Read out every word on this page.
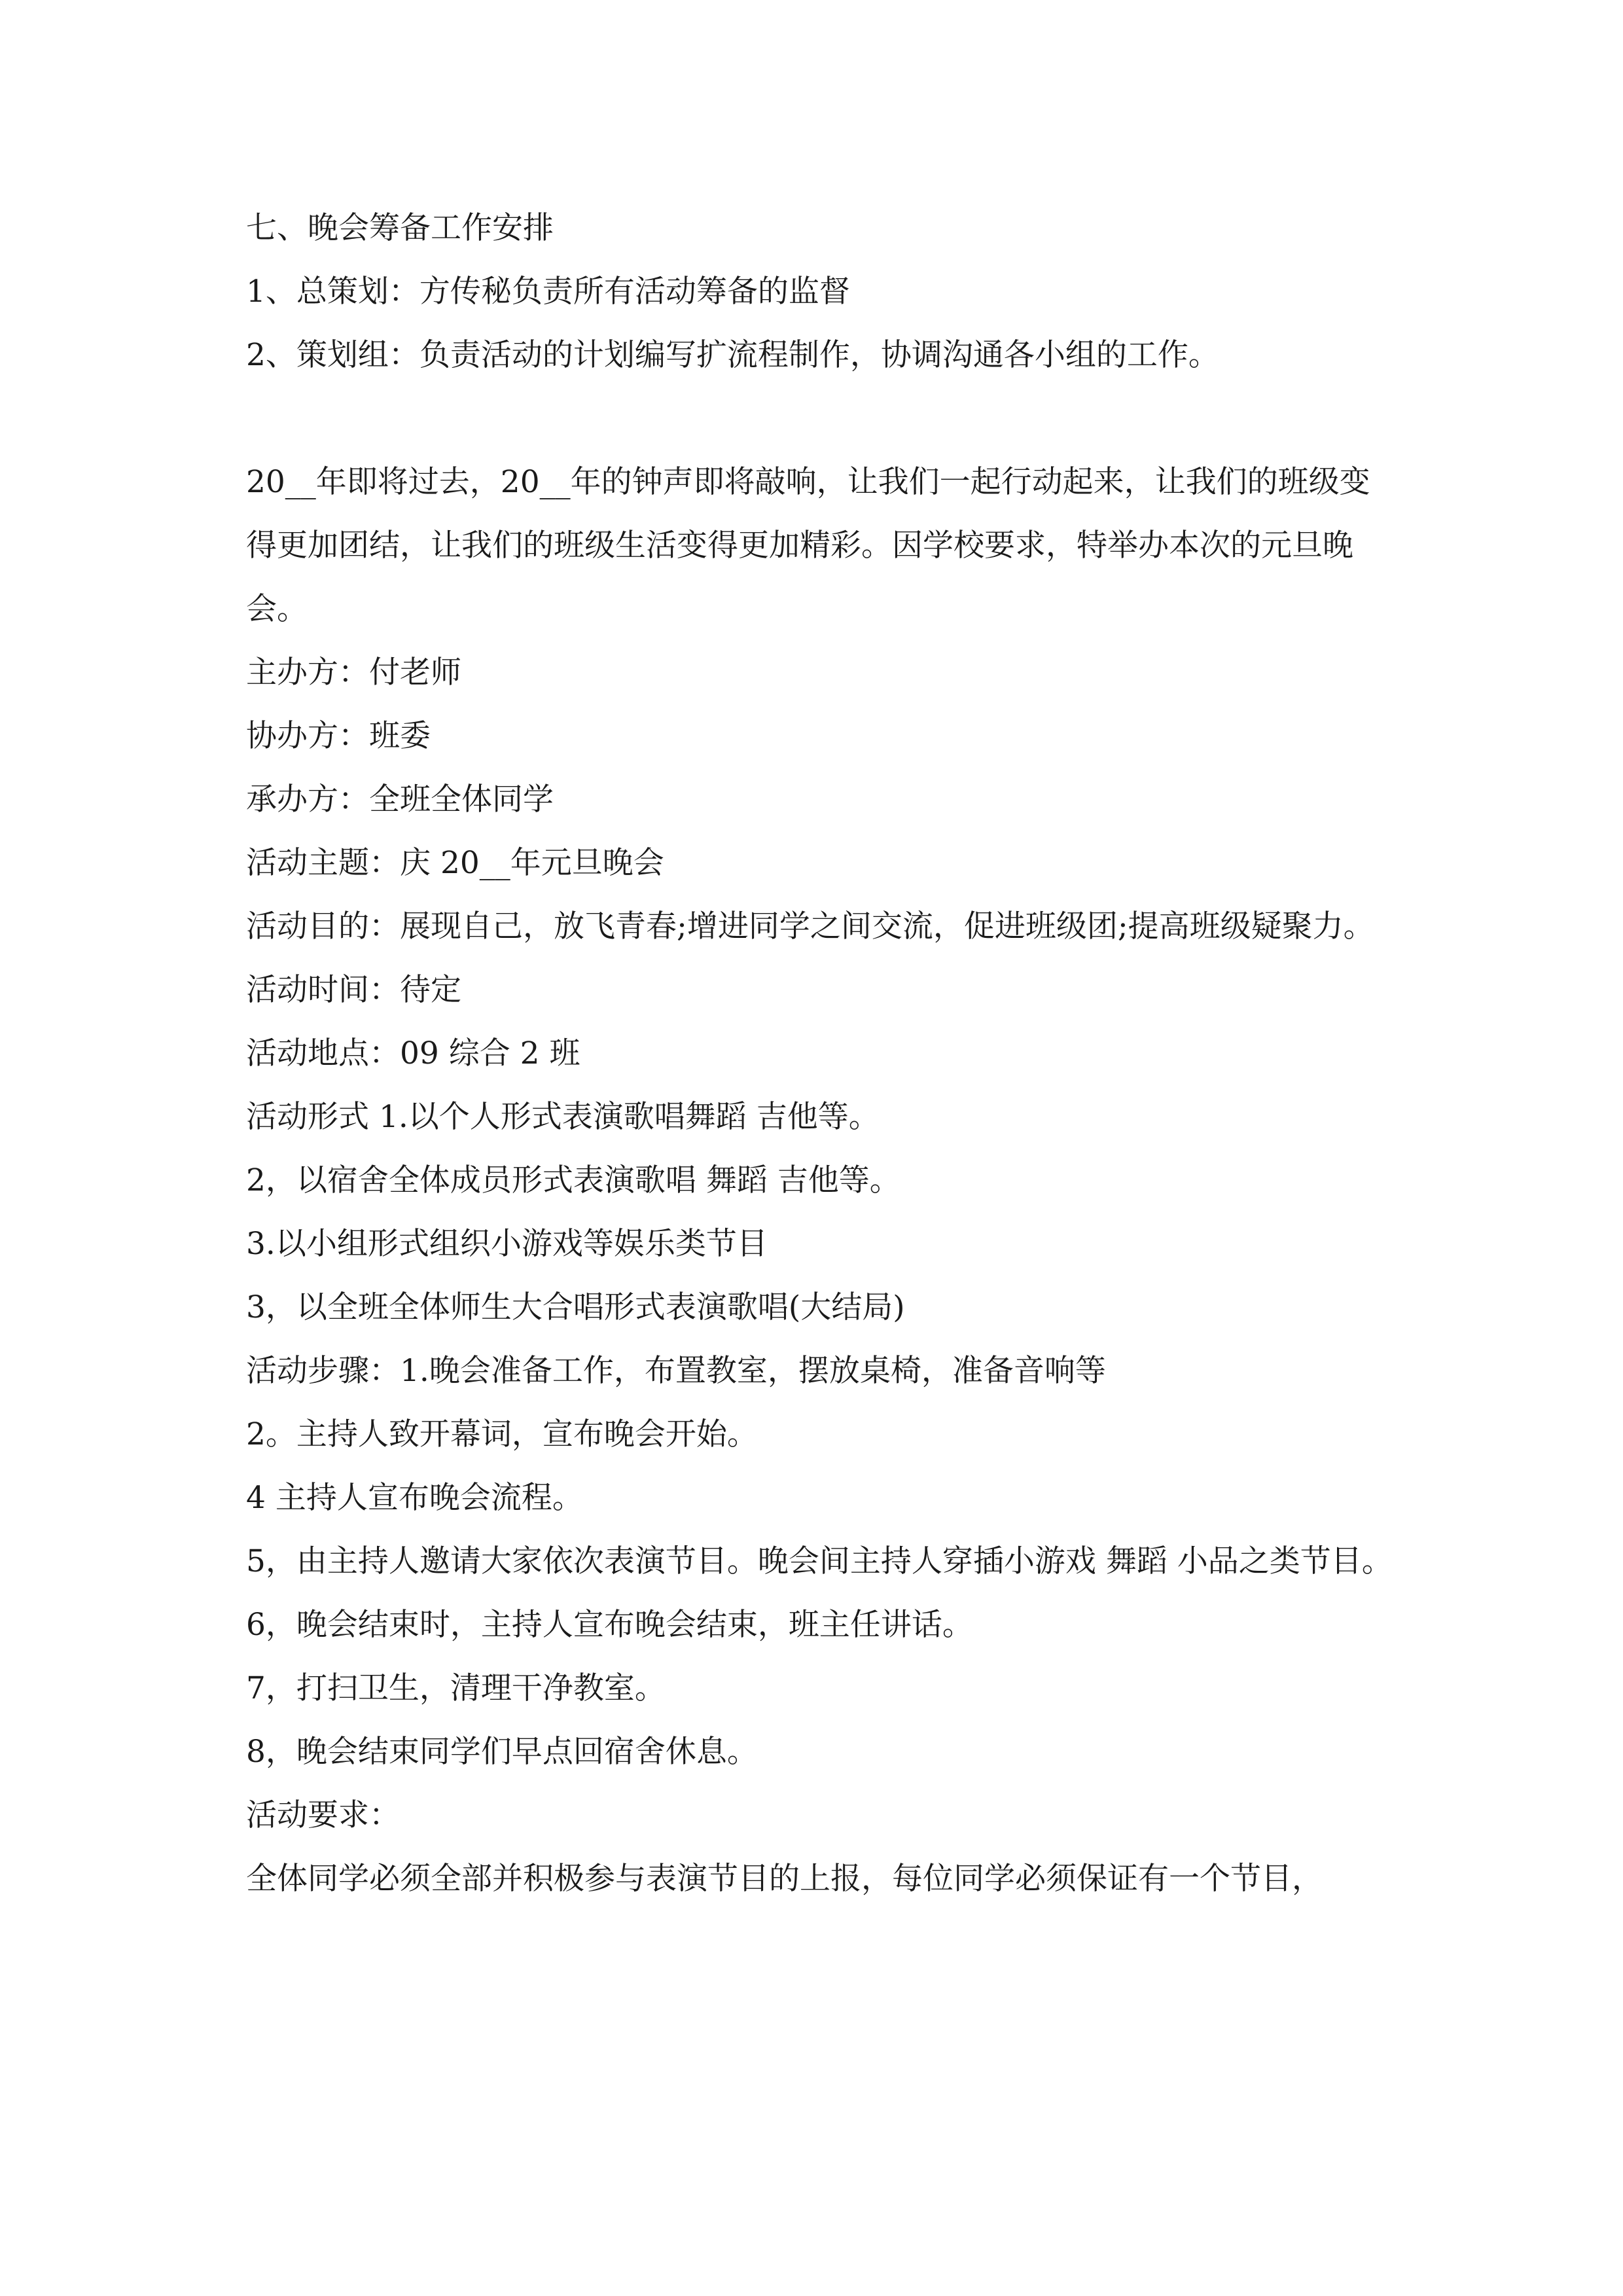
七、晚会筹备工作安排

1、总策划：方传秘负责所有活动筹备的监督

2、策划组：负责活动的计划编写扩流程制作，协调沟通各小组的工作。

20__年即将过去，20__年的钟声即将敲响，让我们一起行动起来，让我们的班级变得更加团结，让我们的班级生活变得更加精彩。因学校要求，特举办本次的元旦晚会。

主办方：付老师

协办方：班委

承办方：全班全体同学

活动主题：庆 20__年元旦晚会

活动目的：展现自己，放飞青春;增进同学之间交流，促进班级团;提高班级疑聚力。

活动时间：待定

活动地点：09 综合 2 班

活动形式 1.以个人形式表演歌唱舞蹈 吉他等。

2，以宿舍全体成员形式表演歌唱 舞蹈 吉他等。

3.以小组形式组织小游戏等娱乐类节目

3，以全班全体师生大合唱形式表演歌唱(大结局)

活动步骤：1.晚会准备工作，布置教室，摆放桌椅，准备音响等

2。主持人致开幕词，宣布晚会开始。

4 主持人宣布晚会流程。

5，由主持人邀请大家依次表演节目。晚会间主持人穿插小游戏 舞蹈 小品之类节目。

6，晚会结束时，主持人宣布晚会结束，班主任讲话。

7，打扫卫生，清理干净教室。

8，晚会结束同学们早点回宿舍休息。

活动要求：

全体同学必须全部并积极参与表演节目的上报，每位同学必须保证有一个节目，
